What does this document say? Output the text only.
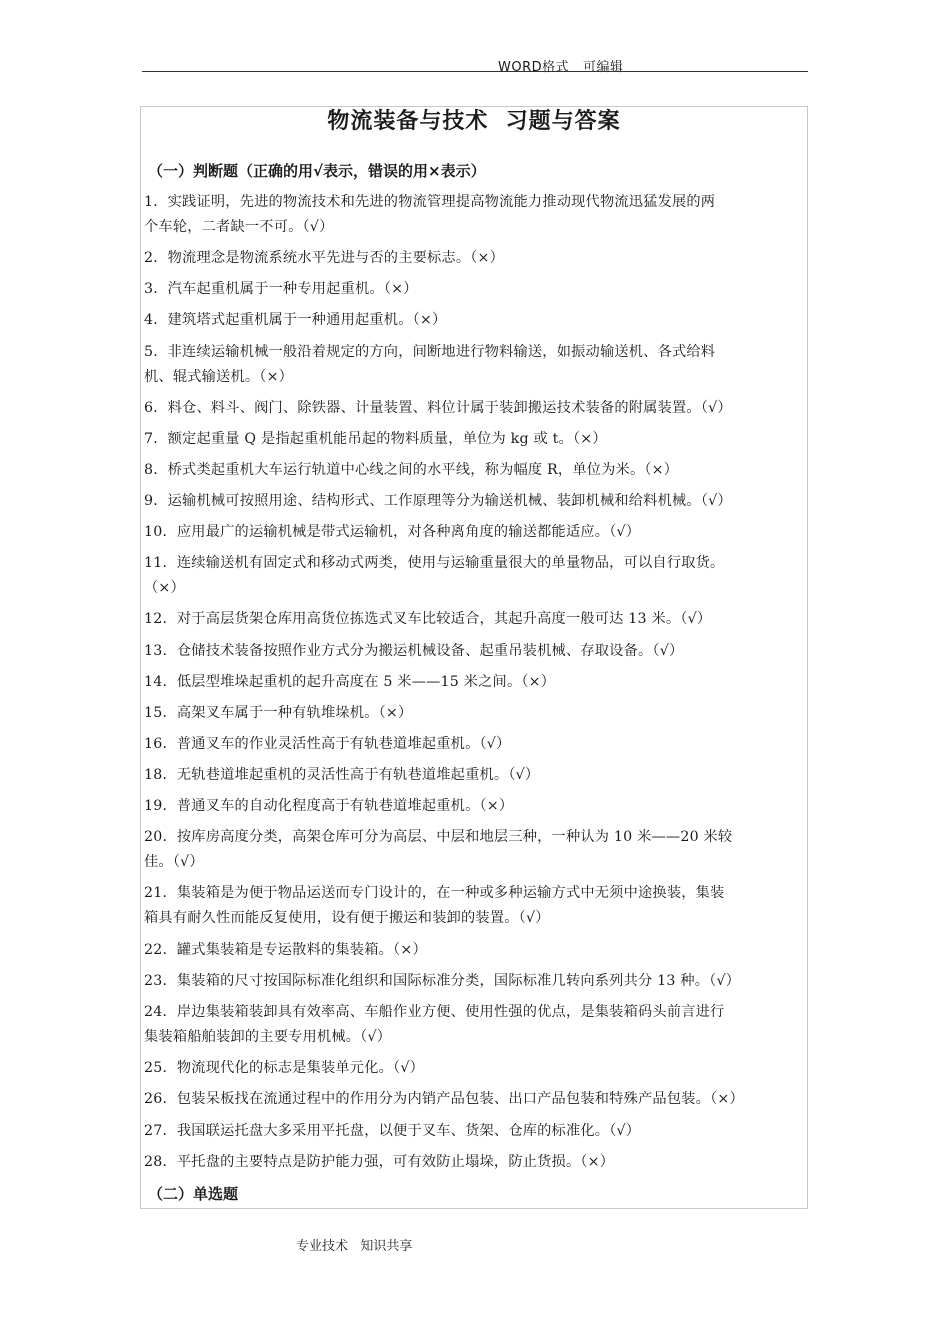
WORD格式   可编辑
物流装备与技术  习题与答案
（一）判断题（正确的用√表示，错误的用×表示）
1．实践证明，先进的物流技术和先进的物流管理提高物流能力推动现代物流迅猛发展的两
个车轮，二者缺一不可。（√）
2．物流理念是物流系统水平先进与否的主要标志。（×）
3．汽车起重机属于一种专用起重机。（×）
4．建筑塔式起重机属于一种通用起重机。（×）
5．非连续运输机械一般沿着规定的方向，间断地进行物料输送，如振动输送机、各式给料
机、辊式输送机。（×）
6．料仓、料斗、阀门、除铁器、计量装置、料位计属于装卸搬运技术装备的附属装置。（√）
7．额定起重量 Q 是指起重机能吊起的物料质量，单位为 kg 或 t。（×）
8．桥式类起重机大车运行轨道中心线之间的水平线，称为幅度 R，单位为米。（×）
9．运输机械可按照用途、结构形式、工作原理等分为输送机械、装卸机械和给料机械。（√）
10．应用最广的运输机械是带式运输机，对各种离角度的输送都能适应。（√）
11．连续输送机有固定式和移动式两类，使用与运输重量很大的单量物品，可以自行取货。
（×）
12．对于高层货架仓库用高货位拣选式叉车比较适合，其起升高度一般可达 13 米。（√）
13．仓储技术装备按照作业方式分为搬运机械设备、起重吊装机械、存取设备。（√）
14．低层型堆垛起重机的起升高度在 5 米——15 米之间。（×）
15．高架叉车属于一种有轨堆垛机。（×）
16．普通叉车的作业灵活性高于有轨巷道堆起重机。（√）
18．无轨巷道堆起重机的灵活性高于有轨巷道堆起重机。（√）
19．普通叉车的自动化程度高于有轨巷道堆起重机。（×）
20．按库房高度分类，高架仓库可分为高层、中层和地层三种，一种认为 10 米——20 米较
佳。（√）
21．集装箱是为便于物品运送而专门设计的，在一种或多种运输方式中无须中途换装，集装
箱具有耐久性而能反复使用，设有便于搬运和装卸的装置。（√）
22．罐式集装箱是专运散料的集装箱。（×）
23．集装箱的尺寸按国际标准化组织和国际标准分类，国际标准几转向系列共分 13 种。（√）
24．岸边集装箱装卸具有效率高、车船作业方便、使用性强的优点，是集装箱码头前言进行
集装箱船舶装卸的主要专用机械。（√）
25．物流现代化的标志是集装单元化。（√）
26．包装呆板找在流通过程中的作用分为内销产品包装、出口产品包装和特殊产品包装。（×）
27．我国联运托盘大多采用平托盘，以便于叉车、货架、仓库的标准化。（√）
28．平托盘的主要特点是防护能力强，可有效防止塌垛，防止货损。（×）
（二）单选题
专业技术   知识共享
